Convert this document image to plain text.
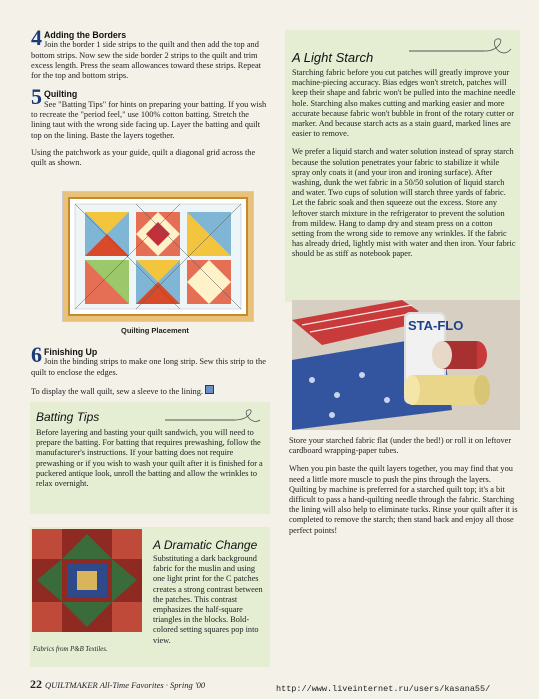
4 Adding the Borders

Join the border 1 side strips to the quilt and then add the top and bottom strips. Now sew the side border 2 strips to the quilt and trim excess length. Press the seam allowances toward these strips. Repeat for the top and bottom strips.

5 Quilting

See "Batting Tips" for hints on preparing your batting. If you wish to recreate the "period feel," use 100% cotton batting. Stretch the lining taut with the wrong side facing up. Layer the batting and quilt top on the lining. Baste the layers together.

Using the patchwork as your guide, quilt a diagonal grid across the quilt as shown.

Quilting Placement
6 Finishing Up

Join the binding strips to make one long strip. Sew this strip to the quilt to enclose the edges.

To display the wall quilt, sew a sleeve to the lining.

Batting Tips
Before layering and basting your quilt sandwich, you will need to prepare the batting. For batting that requires prewashing, follow the manufacturer's instructions. If your batting does not require prewashing or if you wish to wash your quilt after it is finished for a puckered antique look, unroll the batting and allow the wrinkles to relax overnight.
Fabrics from P&B Textiles.
A Dramatic Change
Substituting a dark background fabric for the muslin and using one light print for the C patches creates a strong contrast between the patches. This contrast emphasizes the half-square triangles in the blocks. Bold-colored setting squares pop into view.
A Light Starch

Starching fabric before you cut patches will greatly improve your machine-piecing accuracy. Bias edges won't stretch, patches will keep their shape and fabric won't be pulled into the machine needle hole. Starching also makes cutting and marking easier and more accurate because fabric won't bubble in front of the rotary cutter or marker. And because starch acts as a stain guard, marked lines are easier to remove.

We prefer a liquid starch and water solution instead of spray starch because the solution penetrates your fabric to stabilize it while spray only coats it (and your iron and ironing surface). After washing, dunk the wet fabric in a 50/50 solution of liquid starch and water. Two cups of solution will starch three yards of fabric. Let the fabric soak and then squeeze out the excess. Store any leftover starch mixture in the refrigerator to prevent the solution from mildew. Hang to damp dry and steam press on a cotton setting from the wrong side to remove any wrinkles. If the fabric has already dried, lightly mist with water and then iron. Your fabric should be as stiff as notebook paper.

STA-FLO

Store your starched fabric flat (under the bed!) or roll it on leftover cardboard wrapping-paper tubes.

When you pin baste the quilt layers together, you may find that you need a little more muscle to push the pins through the layers. Quilting by machine is preferred for a starched quilt top; it's a bit difficult to pass a hand-quilting needle through the fabric. Starching the lining will also help to eliminate tucks. Rinse your quilt after it is completed to remove the starch; then stand back and enjoy all those perfect points!

22 QUILTMAKER All-Time Favorites · Spring '00	http://www.liveinternet.ru/users/kasana55/
